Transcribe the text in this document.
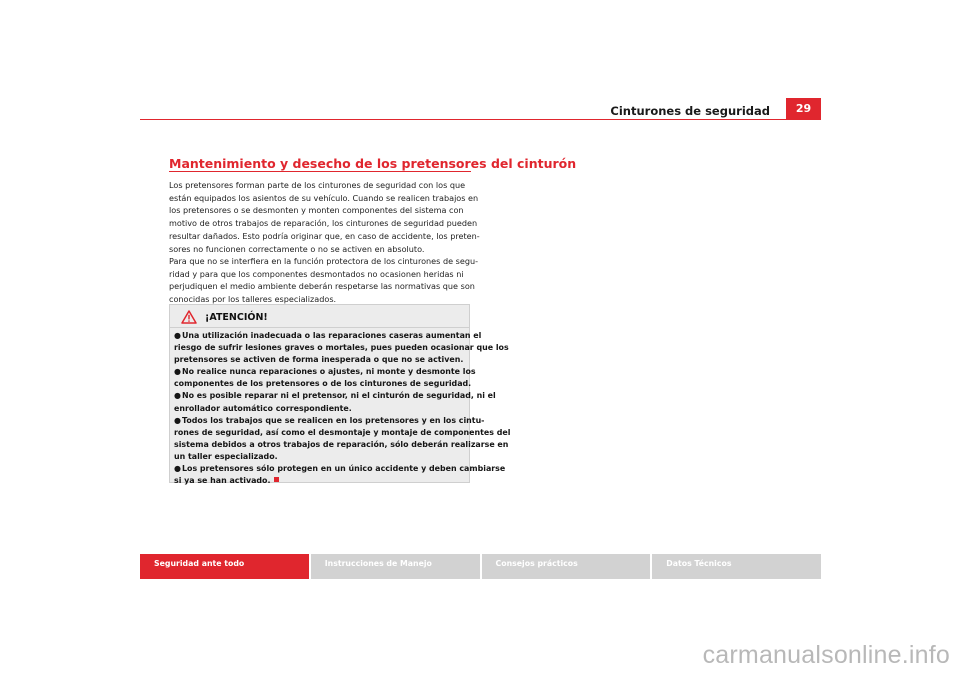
Cinturones de seguridad	29
Mantenimiento y desecho de los pretensores del cinturón
Los pretensores forman parte de los cinturones de seguridad con los que
están equipados los asientos de su vehículo. Cuando se realicen trabajos en
los pretensores o se desmonten y monten componentes del sistema con
motivo de otros trabajos de reparación, los cinturones de seguridad pueden
resultar dañados. Esto podría originar que, en caso de accidente, los preten-
sores no funcionen correctamente o no se activen en absoluto.
Para que no se interfiera en la función protectora de los cinturones de segu-
ridad y para que los componentes desmontados no ocasionen heridas ni
perjudiquen el medio ambiente deberán respetarse las normativas que son
conocidas por los talleres especializados.
¡ATENCIÓN!
●Una utilización inadecuada o las reparaciones caseras aumentan el
riesgo de sufrir lesiones graves o mortales, pues pueden ocasionar que los
pretensores se activen de forma inesperada o que no se activen.
●No realice nunca reparaciones o ajustes, ni monte y desmonte los
componentes de los pretensores o de los cinturones de seguridad.
●No es posible reparar ni el pretensor, ni el cinturón de seguridad, ni el
enrollador automático correspondiente.
●Todos los trabajos que se realicen en los pretensores y en los cintu-
rones de seguridad, así como el desmontaje y montaje de componentes del
sistema debidos a otros trabajos de reparación, sólo deberán realizarse en
un taller especializado.
●Los pretensores sólo protegen en un único accidente y deben cambiarse
si ya se han activado.
Seguridad ante todo	Instrucciones de Manejo	Consejos prácticos	Datos Técnicos
carmanualsonline.info
